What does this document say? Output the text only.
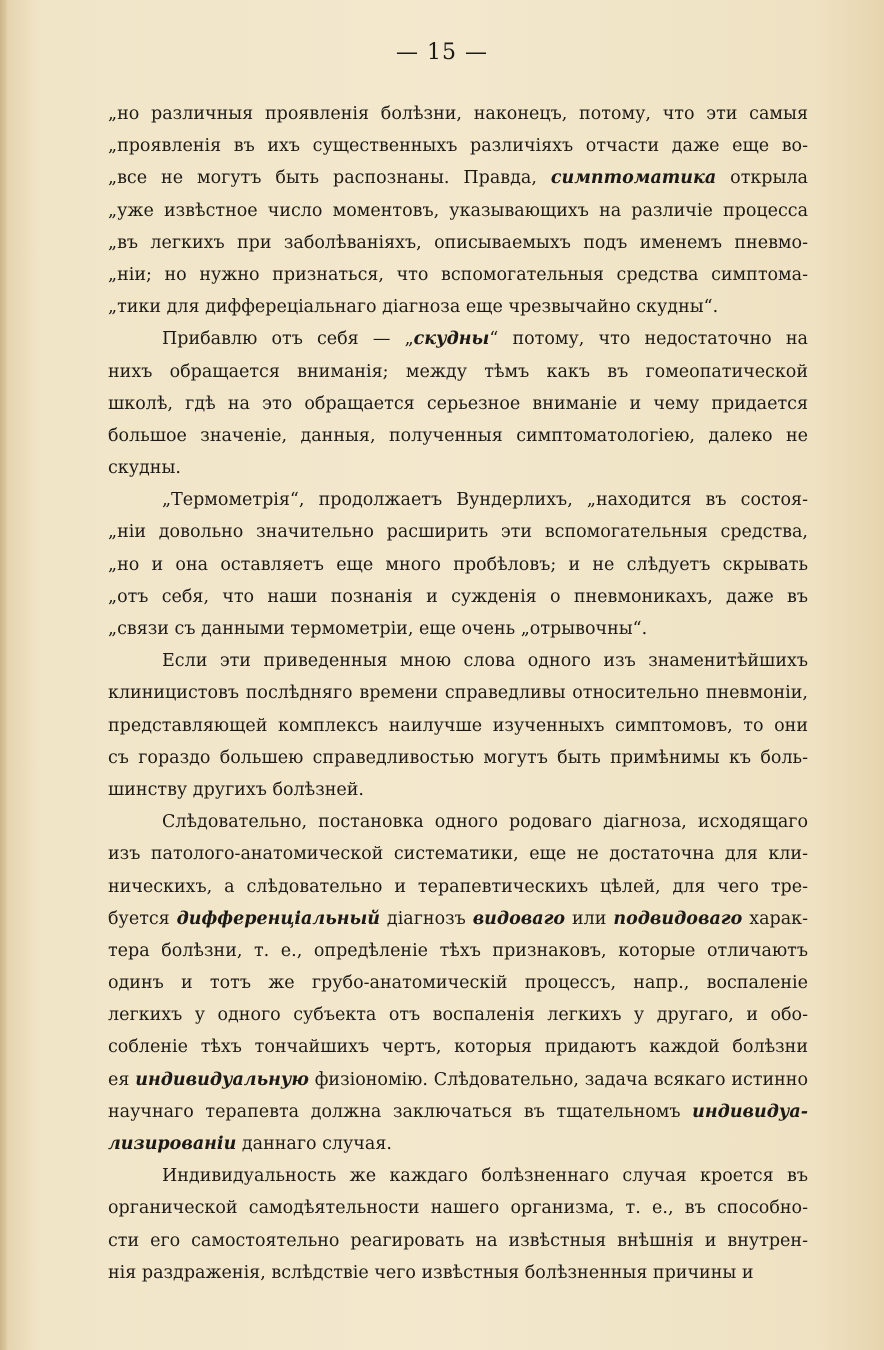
— 15 —
„но различныя проявленія болѣзни, наконецъ, потому, что эти самыя
„проявленія въ ихъ существенныхъ различіяхъ отчасти даже еще во-
„все не могутъ быть распознаны. Правда, симптоматика открыла
„уже извѣстное число моментовъ, указывающихъ на различіе процесса
„въ легкихъ при заболѣваніяхъ, описываемыхъ подъ именемъ пневмо-
„ніи; но нужно признаться, что вспомогательныя средства симптома-
„тики для диффереціальнаго діагноза еще чрезвычайно скудны“.
Прибавлю отъ себя — „скудны“ потому, что недостаточно на
нихъ обращается вниманія; между тѣмъ какъ въ гомеопатической
школѣ, гдѣ на это обращается серьезное вниманіе и чему придается
большое значеніе, данныя, полученныя симптоматологіею, далеко не
скудны.
„Термометрія“, продолжаетъ Вундерлихъ, „находится въ состоя-
„ніи довольно значительно расширить эти вспомогательныя средства,
„но и она оставляетъ еще много пробѣловъ; и не слѣдуетъ скрывать
„отъ себя, что наши познанія и сужденія о пневмоникахъ, даже въ
„связи съ данными термометріи, еще очень „отрывочны“.
Если эти приведенныя мною слова одного изъ знаменитѣйшихъ
клиницистовъ послѣдняго времени справедливы относительно пневмоніи,
представляющей комплексъ наилучше изученныхъ симптомовъ, то они
съ гораздо большею справедливостью могутъ быть примѣнимы къ боль-
шинству другихъ болѣзней.
Слѣдовательно, постановка одного родоваго діагноза, исходящаго
изъ патолого-анатомической систематики, еще не достаточна для кли-
ническихъ, а слѣдовательно и терапевтическихъ цѣлей, для чего тре-
буется дифференціальный діагнозъ видоваго или подвидоваго харак-
тера болѣзни, т. е., опредѣленіе тѣхъ признаковъ, которые отличаютъ
одинъ и тотъ же грубо-анатомическій процессъ, напр., воспаленіе
легкихъ у одного субъекта отъ воспаленія легкихъ у другаго, и обо-
собленіе тѣхъ тончайшихъ чертъ, которыя придаютъ каждой болѣзни
ея индивидуальную физіономію. Слѣдовательно, задача всякаго истинно
научнаго терапевта должна заключаться въ тщательномъ индивидуа-
лизированіи даннаго случая.
Индивидуальность же каждаго болѣзненнаго случая кроется въ
органической самодѣятельности нашего организма, т. е., въ способно-
сти его самостоятельно реагировать на извѣстныя внѣшнія и внутрен-
нія раздраженія, вслѣдствіе чего извѣстныя болѣзненныя причины и
